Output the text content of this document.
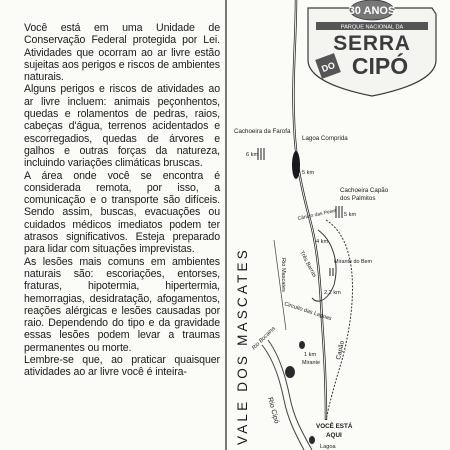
Você está em uma Unidade de Conservação Federal protegida por Lei. Atividades que ocorram ao ar livre estão sujeitas aos perigos e riscos de ambientes naturais.

Alguns perigos e riscos de atividades ao ar livre incluem: animais peçonhentos, quedas e rolamentos de pedras, raios, cabeças d'água, terrenos acidentados e escorregadios, quedas de árvores e galhos e outras forças da natureza, incluindo variações climáticas bruscas.

A área onde você se encontra é considerada remota, por isso, a comunicação e o transporte são difíceis. Sendo assim, buscas, evacuações ou cuidados médicos imediatos podem ter atrasos significativos. Esteja preparado para lidar com situações imprevistas.

As lesões mais comuns em ambientes naturais são: escoriações, entorses, fraturas, hipotermia, hipertermia, hemorragias, desidratação, afogamentos, reações alérgicas e lesões causadas por raio. Dependendo do tipo e da gravidade essas lesões podem levar a traumas permanentes ou morte.

Lembre-se que, ao praticar quaisquer atividades ao ar livre você é inteira-	VALE DOS MASCATES
Cachoeira da Farofa
Lagoa Comprida
6 km
5 km
Cachoeira Capão
dos Palmitos
5 km
Cânion das Peixe
4 km
Mirante do Bem
Três Barras
Rio Mascates
2,2 km
Circuito das Lagoas
Rio Bocaina
1 km
Mirante
Capão
Rio Cipó
VOCÊ ESTÁ
AQUI
Lagoa
30 ANOS
PARQUE NACIONAL DA
SERRA
DO CIPÓ
